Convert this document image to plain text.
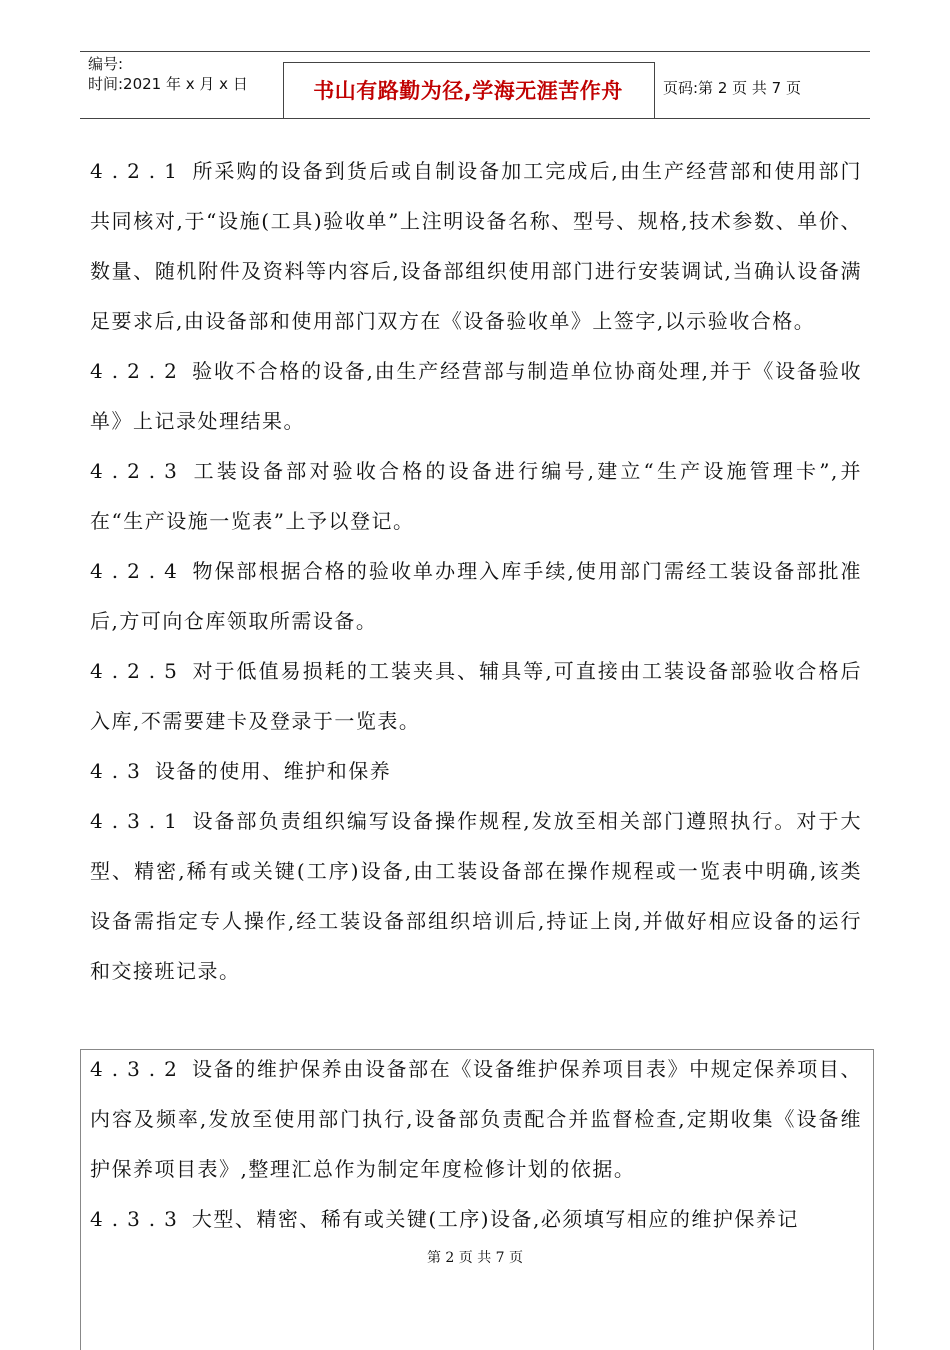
编号:
时间:2021 年 x 月 x 日	书山有路勤为径,学海无涯苦作舟	页码:第 2 页 共 7 页

4.2.1 所采购的设备到货后或自制设备加工完成后,由生产经营部和使用部门共同核对,于“设施(工具)验收单”上注明设备名称、型号、规格,技术参数、单价、数量、随机附件及资料等内容后,设备部组织使用部门进行安装调试,当确认设备满足要求后,由设备部和使用部门双方在《设备验收单》上签字,以示验收合格。

4.2.2 验收不合格的设备,由生产经营部与制造单位协商处理,并于《设备验收单》上记录处理结果。

4.2.3 工装设备部对验收合格的设备进行编号,建立“生产设施管理卡”,并在“生产设施一览表”上予以登记。

4.2.4 物保部根据合格的验收单办理入库手续,使用部门需经工装设备部批准后,方可向仓库领取所需设备。

4.2.5 对于低值易损耗的工装夹具、辅具等,可直接由工装设备部验收合格后入库,不需要建卡及登录于一览表。

4.3 设备的使用、维护和保养

4.3.1 设备部负责组织编写设备操作规程,发放至相关部门遵照执行。对于大型、精密,稀有或关键(工序)设备,由工装设备部在操作规程或一览表中明确,该类设备需指定专人操作,经工装设备部组织培训后,持证上岗,并做好相应设备的运行和交接班记录。

4.3.2 设备的维护保养由设备部在《设备维护保养项目表》中规定保养项目、内容及频率,发放至使用部门执行,设备部负责配合并监督检查,定期收集《设备维护保养项目表》,整理汇总作为制定年度检修计划的依据。

4.3.3 大型、精密、稀有或关键(工序)设备,必须填写相应的维护保养记

第 2 页 共 7 页
